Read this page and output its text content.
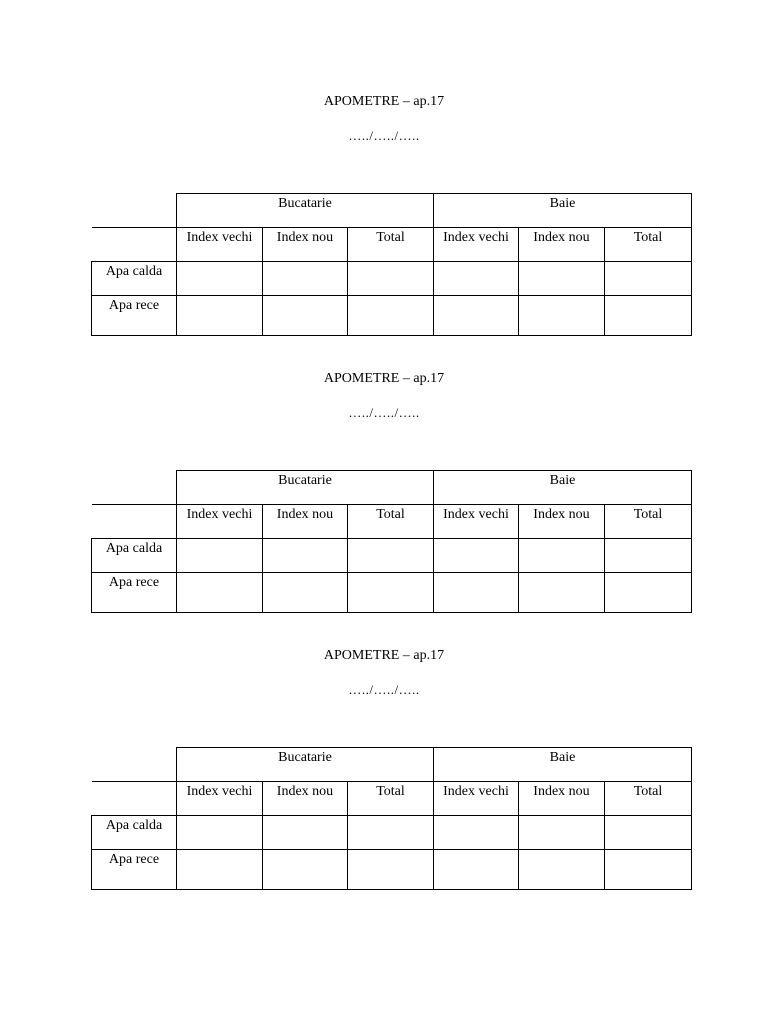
APOMETRE – ap.17
…../…../…..

	Bucatarie			Baie		

	Index vechi	Index nou	Total	Index vechi	Index nou	Total

Apa calda						

Apa rece						

APOMETRE – ap.17
…../…../…..

	Bucatarie			Baie		

	Index vechi	Index nou	Total	Index vechi	Index nou	Total

Apa calda						

Apa rece						

APOMETRE – ap.17
…../…../…..

	Bucatarie			Baie		

	Index vechi	Index nou	Total	Index vechi	Index nou	Total

Apa calda						

Apa rece						
